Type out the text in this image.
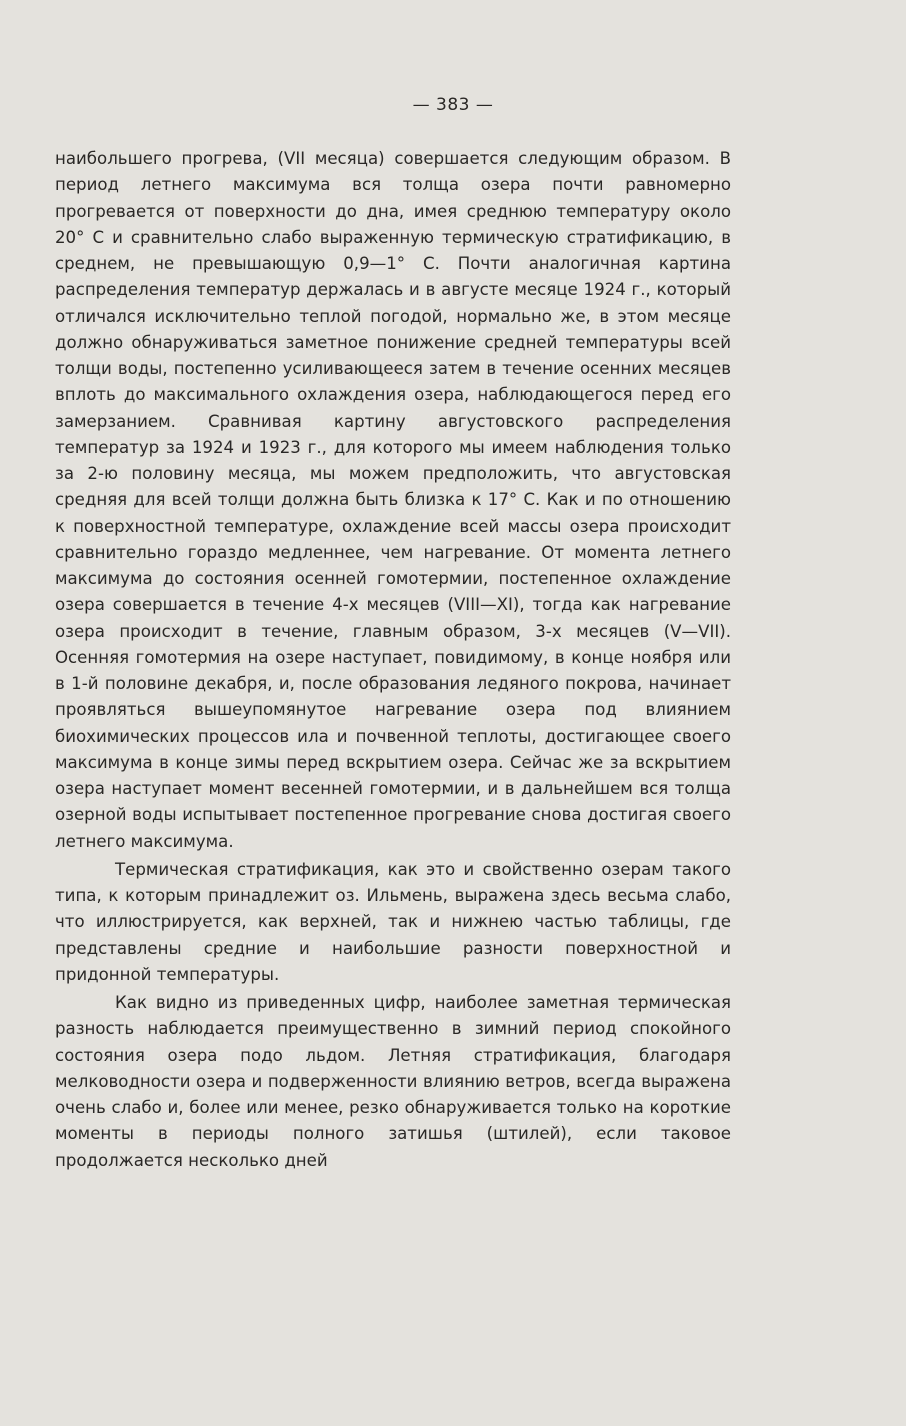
— 383 —

наибольшего прогрева, (VII месяца) совершается следующим образом. В период летнего максимума вся толща озера почти равномерно прогревается от поверхности до дна, имея среднюю температуру около 20° С и сравнительно слабо выраженную термическую стратификацию, в среднем, не превышающую 0,9—1° С. Почти аналогичная картина распределения температур держалась и в августе месяце 1924 г., который отличался исключительно теплой погодой, нормально же, в этом месяце должно обнаруживаться заметное понижение средней температуры всей толщи воды, постепенно усиливающееся затем в течение осенних месяцев вплоть до максимального охлаждения озера, наблюдающегося перед его замерзанием. Сравнивая картину августовского распределения температур за 1924 и 1923 г., для которого мы имеем наблюдения только за 2-ю половину месяца, мы можем предположить, что августовская средняя для всей толщи должна быть близка к 17° С. Как и по отношению к поверхностной температуре, охлаждение всей массы озера происходит сравнительно гораздо медленнее, чем нагревание. От момента летнего максимума до состояния осенней гомотермии, постепенное охлаждение озера совершается в течение 4-х месяцев (VIII—XI), тогда как нагревание озера происходит в течение, главным образом, 3-х месяцев (V—VII). Осенняя гомотермия на озере наступает, повидимому, в конце ноября или в 1-й половине декабря, и, после образования ледяного покрова, начинает проявляться вышеупомянутое нагревание озера под влиянием биохимических процессов ила и почвенной теплоты, достигающее своего максимума в конце зимы перед вскрытием озера. Сейчас же за вскрытием озера наступает момент весенней гомотермии, и в дальнейшем вся толща озерной воды испытывает постепенное прогревание снова достигая своего летнего максимума.

Термическая стратификация, как это и свойственно озерам такого типа, к которым принадлежит оз. Ильмень, выражена здесь весьма слабо, что иллюстрируется, как верхней, так и нижнею частью таблицы, где представлены средние и наибольшие разности поверхностной и придонной температуры.

Как видно из приведенных цифр, наиболее заметная термическая разность наблюдается преимущественно в зимний период спокойного состояния озера подо льдом. Летняя стратификация, благодаря мелководности озера и подверженности влиянию ветров, всегда выражена очень слабо и, более или менее, резко обнаруживается только на короткие моменты в периоды полного затишья (штилей), если таковое продолжается несколько дней
